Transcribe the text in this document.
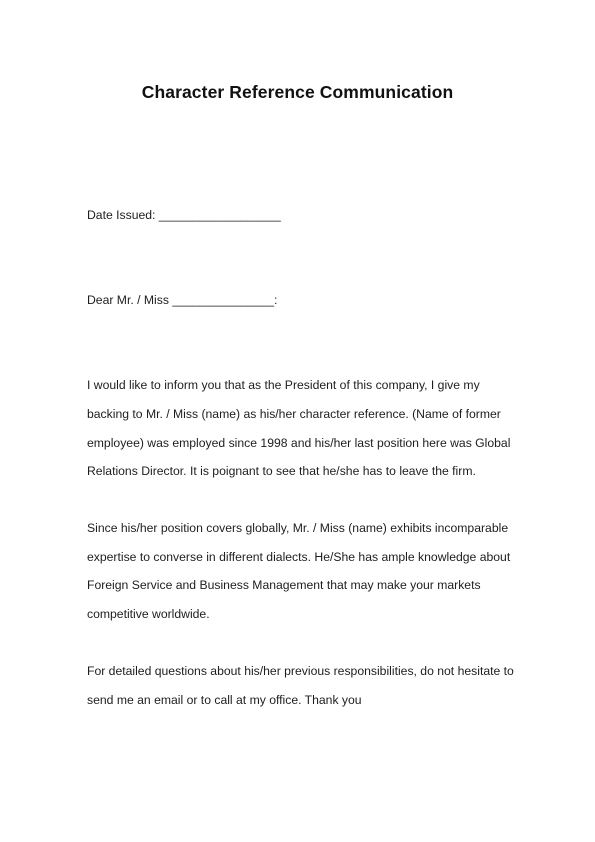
Character Reference Communication

Date Issued: __________________

Dear Mr. / Miss _______________:

I would like to inform you that as the President of this company, I give my

backing to Mr. / Miss (name) as his/her character reference. (Name of former

employee) was employed since 1998 and his/her last position here was Global

Relations Director. It is poignant to see that he/she has to leave the firm.

Since his/her position covers globally, Mr. / Miss (name) exhibits incomparable

expertise to converse in different dialects. He/She has ample knowledge about

Foreign Service and Business Management that may make your markets

competitive worldwide.

For detailed questions about his/her previous responsibilities, do not hesitate to

send me an email or to call at my office. Thank you
